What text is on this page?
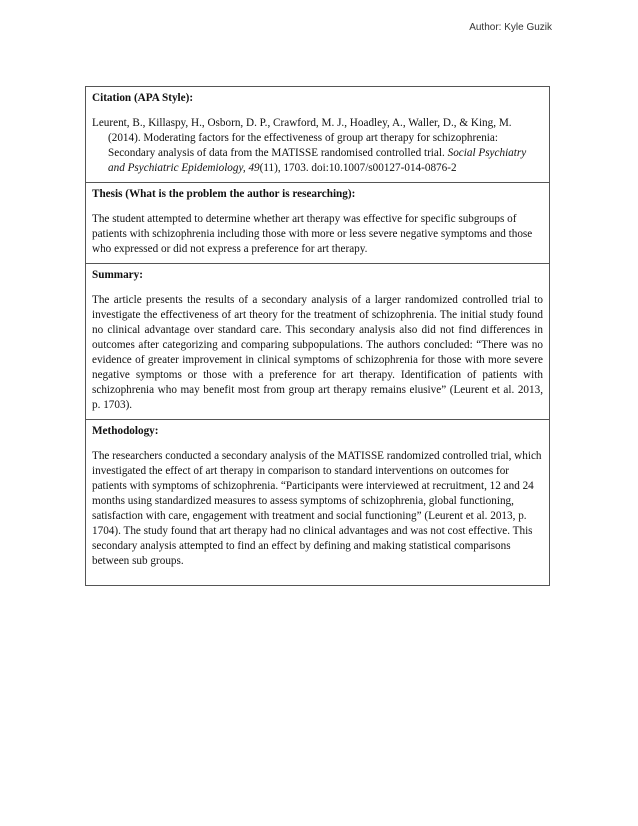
Author: Kyle Guzik

Citation (APA Style):

Leurent, B., Killaspy, H., Osborn, D. P., Crawford, M. J., Hoadley, A., Waller, D., & King, M. (2014). Moderating factors for the effectiveness of group art therapy for schizophrenia: Secondary analysis of data from the MATISSE randomised controlled trial. Social Psychiatry and Psychiatric Epidemiology, 49(11), 1703. doi:10.1007/s00127-014-0876-2

Thesis (What is the problem the author is researching):

The student attempted to determine whether art therapy was effective for specific subgroups of patients with schizophrenia including those with more or less severe negative symptoms and those who expressed or did not express a preference for art therapy.

Summary:

The article presents the results of a secondary analysis of a larger randomized controlled trial to investigate the effectiveness of art theory for the treatment of schizophrenia. The initial study found no clinical advantage over standard care. This secondary analysis also did not find differences in outcomes after categorizing and comparing subpopulations. The authors concluded: “There was no evidence of greater improvement in clinical symptoms of schizophrenia for those with more severe negative symptoms or those with a preference for art therapy. Identification of patients with schizophrenia who may benefit most from group art therapy remains elusive” (Leurent et al. 2013, p. 1703).

Methodology:

The researchers conducted a secondary analysis of the MATISSE randomized controlled trial, which investigated the effect of art therapy in comparison to standard interventions on outcomes for patients with symptoms of schizophrenia. “Participants were interviewed at recruitment, 12 and 24 months using standardized measures to assess symptoms of schizophrenia, global functioning, satisfaction with care, engagement with treatment and social functioning” (Leurent et al. 2013, p. 1704). The study found that art therapy had no clinical advantages and was not cost effective. This secondary analysis attempted to find an effect by defining and making statistical comparisons between sub groups.
